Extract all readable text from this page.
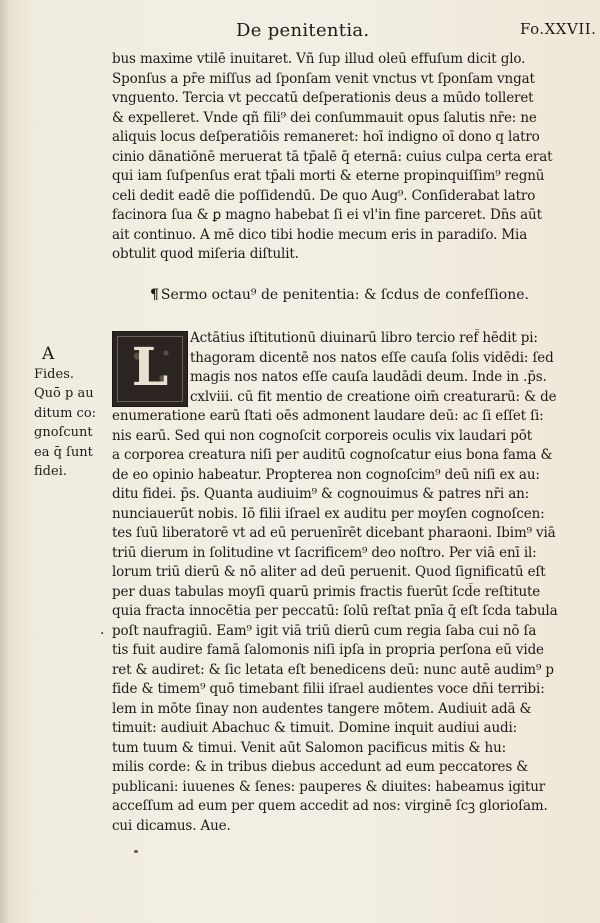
De penitentia.	Fo.XXVII.
bus maxime vtilē inuitaret. Vñ ſup illud oleū effuſum dicit glo.
Sponſus a pr̄e miſſus ad ſponſam venit vnctus vt ſponſam vngat
vnguento. Tercia vt peccatū deſperationis deus a mūdo tolleret
& expelleret. Vnde qñ fili⁹ dei conſummauit opus ſalutis nr̄e: ne
aliquis locus deſperatiōis remaneret: hoī indigno oī dono q latro
cinio dānatiōnē meruerat tā tp̄alē q̄ eternā: cuius culpa certa erat
qui iam ſuſpenſus erat tp̄ali morti & eterne propinquiſſim⁹ regnū
celi dedit eadē die poſſidendū. De quo Aug⁹. Conſiderabat latro
facinora ſua & ꝑ magno habebat ſi ei vl'in fine parceret. Dn̄s aūt
ait continuo. A mē dico tibi hodie mecum eris in paradiſo. Mia
obtulit quod miſeria diſtulit.
¶ Sermo octau⁹ de penitentia: & ſcdus de confeſſione.
L
A
Fides.
Quō p au
ditum co:
gnoſcunt
ea q̄ ſunt
fidei.
Actātius iſtitutionū diuinarū libro tercio ref̄ hēdit pi:
thagoram dicentē nos natos eſſe cauſa ſolis vidēdi: ſed
magis nos natos eſſe cauſa laudādi deum. Inde in .p̄s.
cxlviii. cū fit mentio de creatione oim̄ creaturarū: & de
enumeratione earū ſtati oēs admonent laudare deū: ac ſi eſſet ſi:
nis earū. Sed qui non cognoſcit corporeis oculis vix laudari pōt
a corporea creatura niſi per auditū cognoſcatur eius bona fama &
de eo opinio habeatur. Propterea non cognoſcim⁹ deū niſi ex au:
ditu fidei. p̄s. Quanta audiuim⁹ & cognouimus & patres nr̄i an:
nunciauerūt nobis. Iō filii iſrael ex auditu per moyſen cognoſcen:
tes ſuū liberatorē vt ad eū peruenīrēt dicebant pharaoni. Ibim⁹ viā
triū dierum in ſolitudine vt ſacrificem⁹ deo noſtro. Per viā enī il:
lorum triū dierū & nō aliter ad deū peruenit. Quod ſignificatū eſt
per duas tabulas moyſi quarū primis fractis fuerūt ſcd̄e reſtitute
quia fracta innocētia per peccatū: ſolū reſtat pnīa q̄ eſt ſcda tabula
poſt naufragiū. Eam⁹ igit viā triū dierū cum regia ſaba cui nō ſa
tis fuit audire famā ſalomonis niſi ipſa in propria perſona eū vide
ret & audiret: & ſic letata eſt benedicens deū: nunc autē audim⁹ p
fide & timem⁹ quō timebant filii iſrael audientes voce dn̄i terribi:
lem in mōte ſinay non audentes tangere mōtem. Audiuit adā &
timuit: audiuit Abachuc & timuit. Domine inquit audiui audi:
tum tuum & timui. Venit aūt Salomon pacificus mitis & hu:
milis corde: & in tribus diebus accedunt ad eum peccatores &
publicani: iuuenes & ſenes: pauperes & diuites: habeamus igitur
acceſſum ad eum per quem accedit ad nos: virginē ſcꝫ glorioſam.
cui dicamus. Aue.
·
